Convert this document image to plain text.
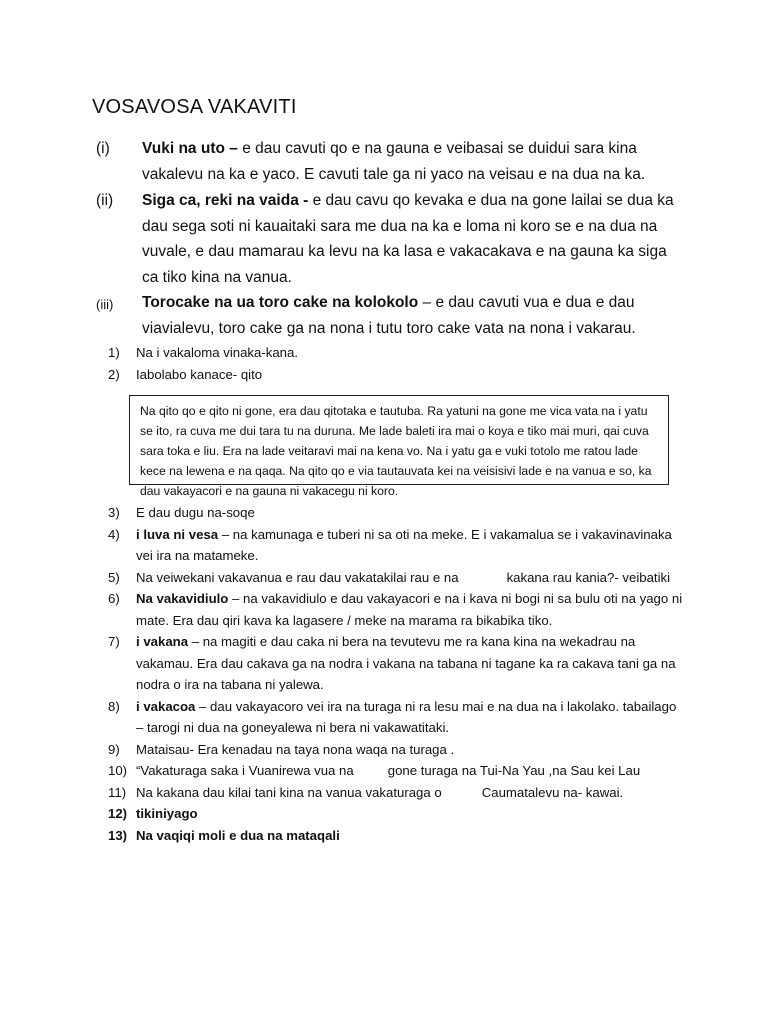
VOSAVOSA VAKAVITI
(i) Vuki na uto – e dau cavuti qo e na gauna e veibasai se duidui sara kina vakalevu na ka e yaco. E cavuti tale ga ni yaco na veisau e na dua na ka.
(ii) Siga ca, reki na vaida - e dau cavu qo kevaka e dua na gone lailai se dua ka dau sega soti ni kauaitaki sara me dua na ka e loma ni koro se e na dua na vuvale, e dau mamarau ka levu na ka lasa e vakacakava e na gauna ka siga ca tiko kina na vanua.
(iii) Torocake na ua toro cake na kolokolo – e dau cavuti vua e dua e dau viavialevu, toro cake ga na nona i tutu toro cake vata na nona i vakarau.
1) Na i vakaloma vinaka-kana.
2) Iabolabo kanace- qito

Na qito qo e qito ni gone, era dau qitotaka e tautuba. Ra yatuni na gone me vica vata na i yatu se ito, ra cuva me dui tara tu na duruna. Me lade baleti ira mai o koya e tiko mai muri, qai cuva sara toka e liu. Era na lade veitaravi mai na kena vo. Na i yatu ga e vuki totolo me ratou lade kece na lewena e na qaqa. Na qito qo e via tautauvata kei na veisisivi lade e na vanua e so, ka dau vakayacori e na gauna ni vakacegu ni koro.

3) E dau dugu na-soqe
4) i luva ni vesa – na kamunaga e tuberi ni sa oti na meke. E i vakamalua se i vakavinavinaka vei ira na matameke.
5) Na veiwekani vakavanua e rau dau vakatakilai rau e na	kakana rau kania?- veibatiki
6) Na vakavidiulo – na vakavidiulo e dau vakayacori e na i kava ni bogi ni sa bulu oti na yago ni mate. Era dau qiri kava ka lagasere / meke na marama ra bikabika tiko.
7) i vakana – na magiti e dau caka ni bera na tevutevu me ra kana kina na wekadrau na vakamau. Era dau cakava ga na nodra i vakana na tabana ni tagane ka ra cakava tani ga na nodra o ira na tabana ni yalewa.
8) i vakacoa – dau vakayacoro vei ira na turaga ni ra lesu mai e na dua na i lakolako. tabailago – tarogi ni dua na goneyalewa ni bera ni vakawatitaki.
9) Mataisau- Era kenadau na taya nona waqa na turaga .
10) “Vakaturaga saka i Vuanirewa vua na	gone turaga na Tui-Na Yau ,na Sau kei Lau
11) Na kakana dau kilai tani kina na vanua vakaturaga o	Caumatalevu na- kawai.
12) tikiniyago
13) Na vaqiqi moli e dua na mataqali
